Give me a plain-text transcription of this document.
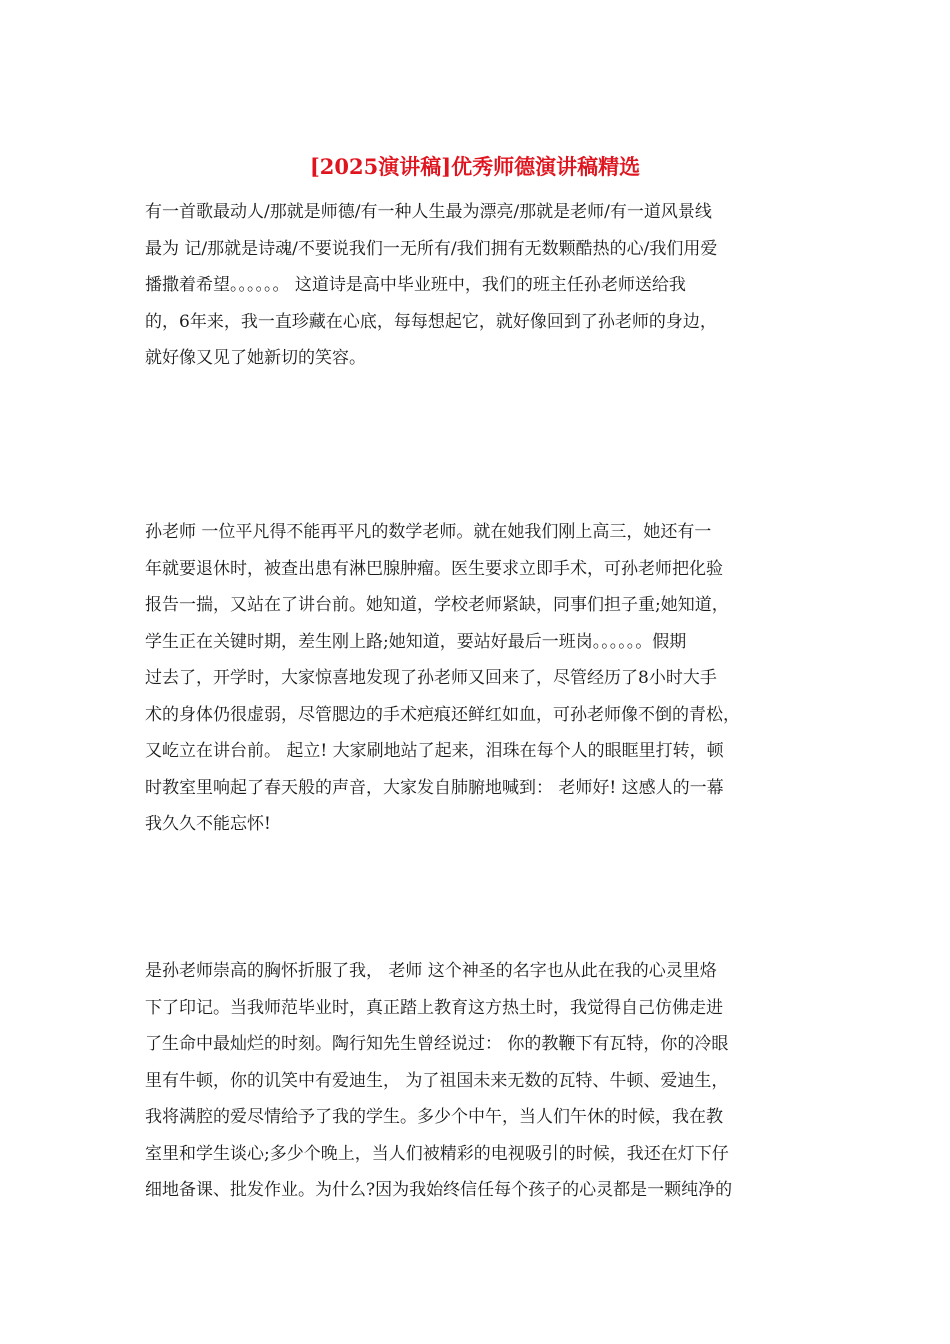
[2025演讲稿]优秀师德演讲稿精选
有一首歌最动人/那就是师德/有一种人生最为漂亮/那就是老师/有一道风景线
最为 记/那就是诗魂/不要说我们一无所有/我们拥有无数颗酷热的心/我们用爱
播撒着希望。。。。。。 这道诗是高中毕业班中，我们的班主任孙老师送给我
的，6年来，我一直珍藏在心底，每每想起它，就好像回到了孙老师的身边，
就好像又见了她新切的笑容。
孙老师 一位平凡得不能再平凡的数学老师。就在她我们刚上高三，她还有一
年就要退休时，被查出患有淋巴腺肿瘤。医生要求立即手术，可孙老师把化验
报告一揣，又站在了讲台前。她知道，学校老师紧缺，同事们担子重;她知道，
学生正在关键时期，差生刚上路;她知道，要站好最后一班岗。。。。。。假期
过去了，开学时，大家惊喜地发现了孙老师又回来了，尽管经历了8小时大手
术的身体仍很虚弱，尽管腮边的手术疤痕还鲜红如血，可孙老师像不倒的青松，
又屹立在讲台前。 起立! 大家刷地站了起来，泪珠在每个人的眼眶里打转，顿
时教室里响起了春天般的声音，大家发自肺腑地喊到： 老师好! 这感人的一幕
我久久不能忘怀!
是孙老师崇高的胸怀折服了我， 老师 这个神圣的名字也从此在我的心灵里烙
下了印记。当我师范毕业时，真正踏上教育这方热土时，我觉得自己仿佛走进
了生命中最灿烂的时刻。陶行知先生曾经说过： 你的教鞭下有瓦特，你的冷眼
里有牛顿，你的讥笑中有爱迪生， 为了祖国未来无数的瓦特、牛顿、爱迪生，
我将满腔的爱尽情给予了我的学生。多少个中午，当人们午休的时候，我在教
室里和学生谈心;多少个晚上，当人们被精彩的电视吸引的时候，我还在灯下仔
细地备课、批发作业。为什么?因为我始终信任每个孩子的心灵都是一颗纯净的
